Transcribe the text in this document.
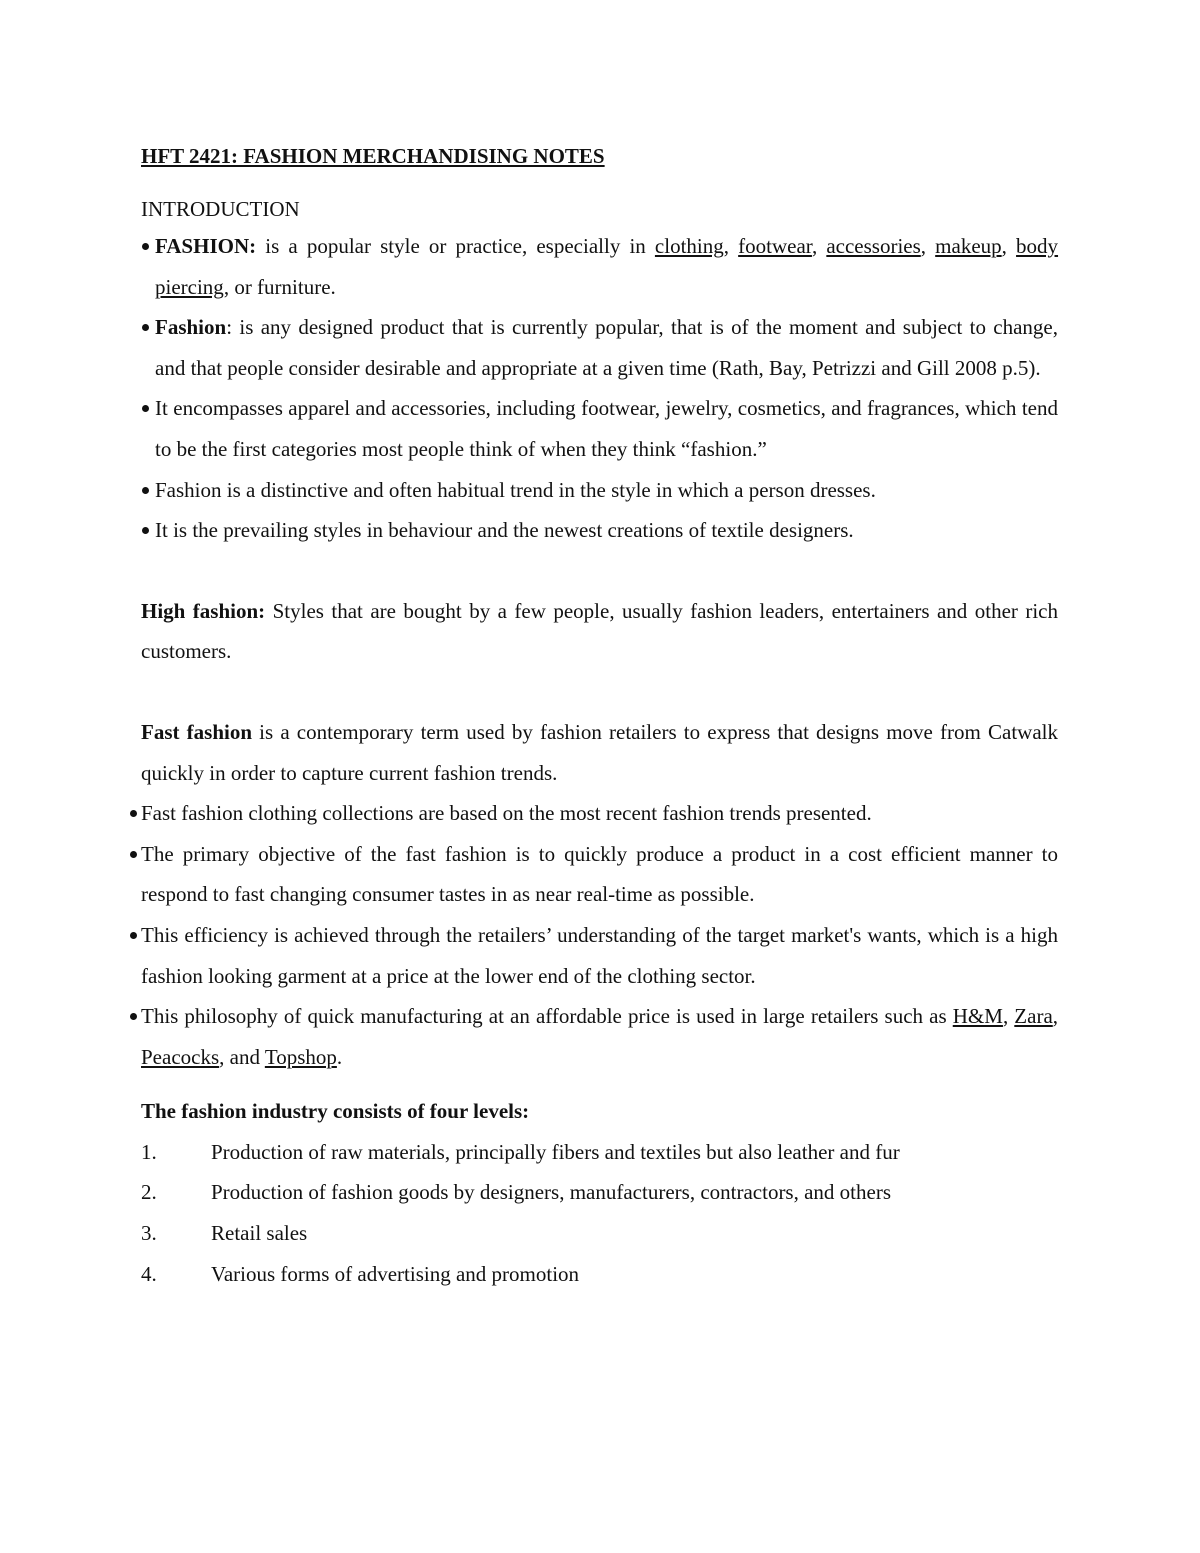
HFT 2421: FASHION MERCHANDISING NOTES

INTRODUCTION

FASHION: is a popular style or practice, especially in clothing, footwear, accessories, makeup, body piercing, or furniture.
Fashion: is any designed product that is currently popular, that is of the moment and subject to change, and that people consider desirable and appropriate at a given time (Rath, Bay, Petrizzi and Gill 2008 p.5).
It encompasses apparel and accessories, including footwear, jewelry, cosmetics, and fragrances, which tend to be the first categories most people think of when they think “fashion.”
Fashion is a distinctive and often habitual trend in the style in which a person dresses.
It is the prevailing styles in behaviour and the newest creations of textile designers.

High fashion: Styles that are bought by a few people, usually fashion leaders, entertainers and other rich customers.

Fast fashion is a contemporary term used by fashion retailers to express that designs move from Catwalk quickly in order to capture current fashion trends.

Fast fashion clothing collections are based on the most recent fashion trends presented.
The primary objective of the fast fashion is to quickly produce a product in a cost efficient manner to respond to fast changing consumer tastes in as near real-time as possible.
This efficiency is achieved through the retailers’ understanding of the target market's wants, which is a high fashion looking garment at a price at the lower end of the clothing sector.
This philosophy of quick manufacturing at an affordable price is used in large retailers such as H&M, Zara, Peacocks, and Topshop.

The fashion industry consists of four levels:

1.	Production of raw materials, principally fibers and textiles but also leather and fur
2.	Production of fashion goods by designers, manufacturers, contractors, and others
3.	Retail sales
4.	Various forms of advertising and promotion
